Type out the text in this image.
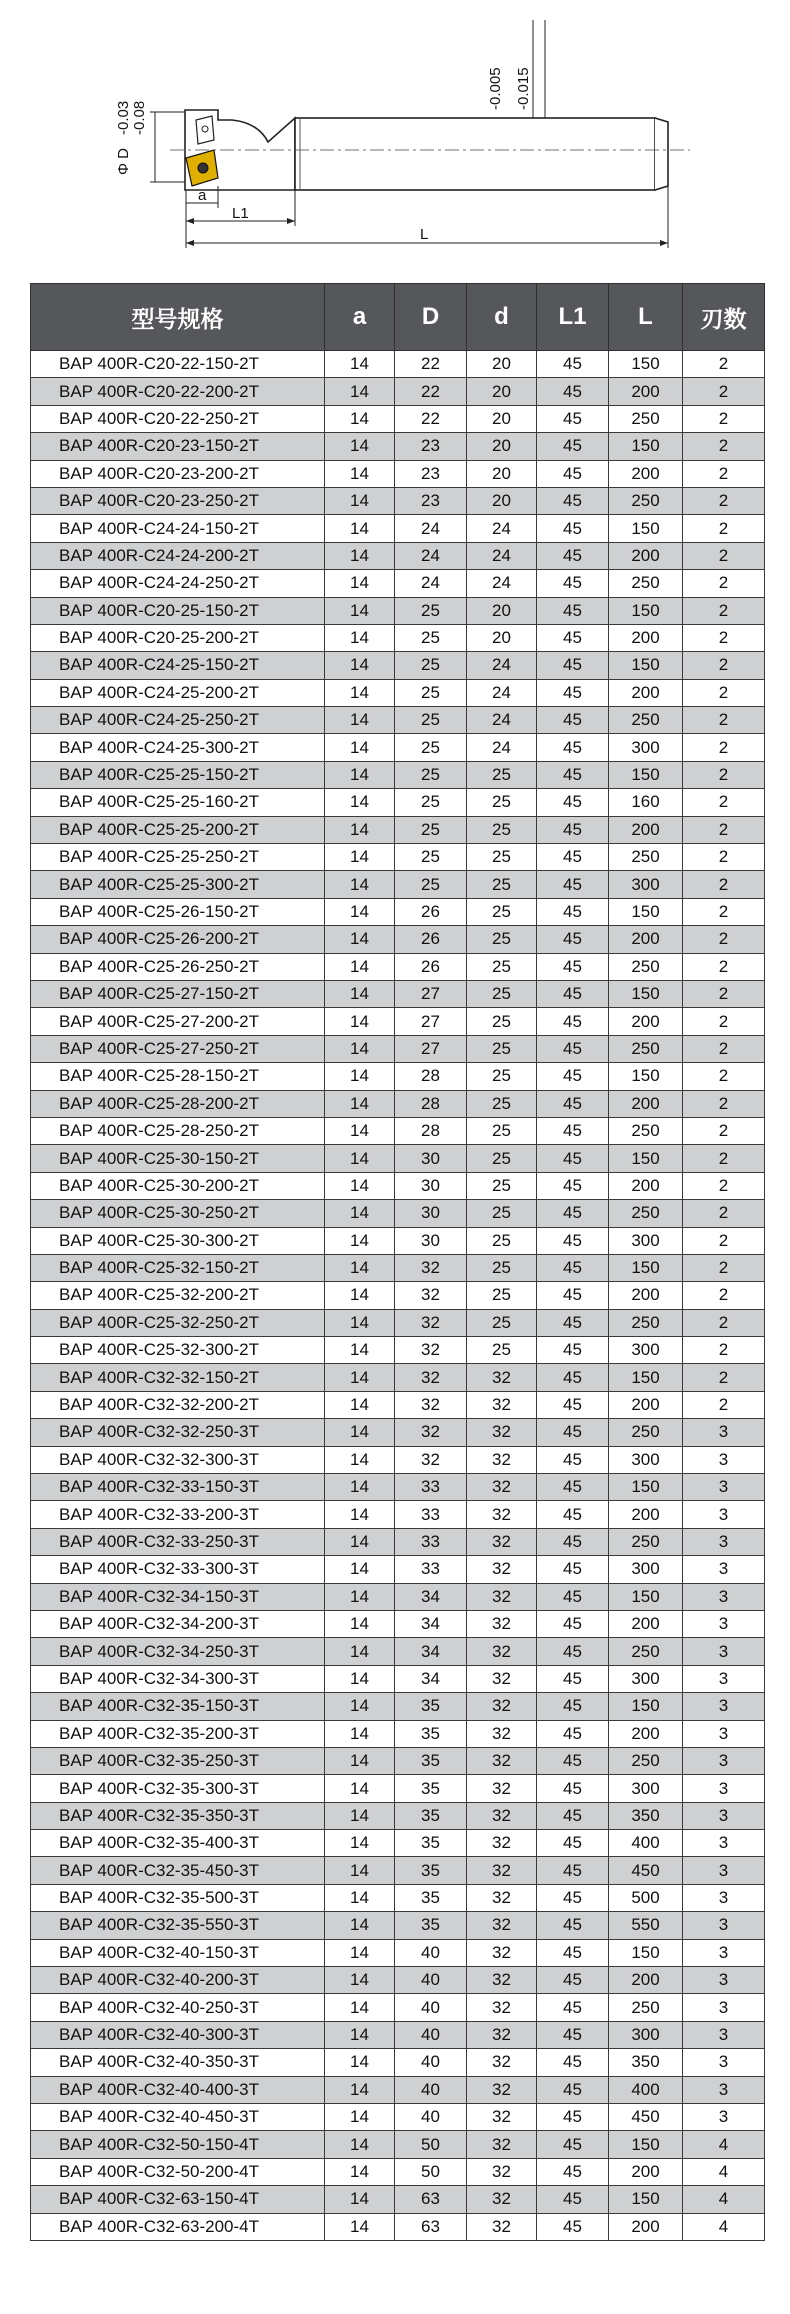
Φ D
-0.03 -0.08
-0.005 -0.015
a
L1
L
型号规格	a	D	d	L1	L	刃数
BAP 400R-C20-22-150-2T	14	22	20	45	150	2
BAP 400R-C20-22-200-2T	14	22	20	45	200	2
BAP 400R-C20-22-250-2T	14	22	20	45	250	2
BAP 400R-C20-23-150-2T	14	23	20	45	150	2
BAP 400R-C20-23-200-2T	14	23	20	45	200	2
BAP 400R-C20-23-250-2T	14	23	20	45	250	2
BAP 400R-C24-24-150-2T	14	24	24	45	150	2
BAP 400R-C24-24-200-2T	14	24	24	45	200	2
BAP 400R-C24-24-250-2T	14	24	24	45	250	2
BAP 400R-C20-25-150-2T	14	25	20	45	150	2
BAP 400R-C20-25-200-2T	14	25	20	45	200	2
BAP 400R-C24-25-150-2T	14	25	24	45	150	2
BAP 400R-C24-25-200-2T	14	25	24	45	200	2
BAP 400R-C24-25-250-2T	14	25	24	45	250	2
BAP 400R-C24-25-300-2T	14	25	24	45	300	2
BAP 400R-C25-25-150-2T	14	25	25	45	150	2
BAP 400R-C25-25-160-2T	14	25	25	45	160	2
BAP 400R-C25-25-200-2T	14	25	25	45	200	2
BAP 400R-C25-25-250-2T	14	25	25	45	250	2
BAP 400R-C25-25-300-2T	14	25	25	45	300	2
BAP 400R-C25-26-150-2T	14	26	25	45	150	2
BAP 400R-C25-26-200-2T	14	26	25	45	200	2
BAP 400R-C25-26-250-2T	14	26	25	45	250	2
BAP 400R-C25-27-150-2T	14	27	25	45	150	2
BAP 400R-C25-27-200-2T	14	27	25	45	200	2
BAP 400R-C25-27-250-2T	14	27	25	45	250	2
BAP 400R-C25-28-150-2T	14	28	25	45	150	2
BAP 400R-C25-28-200-2T	14	28	25	45	200	2
BAP 400R-C25-28-250-2T	14	28	25	45	250	2
BAP 400R-C25-30-150-2T	14	30	25	45	150	2
BAP 400R-C25-30-200-2T	14	30	25	45	200	2
BAP 400R-C25-30-250-2T	14	30	25	45	250	2
BAP 400R-C25-30-300-2T	14	30	25	45	300	2
BAP 400R-C25-32-150-2T	14	32	25	45	150	2
BAP 400R-C25-32-200-2T	14	32	25	45	200	2
BAP 400R-C25-32-250-2T	14	32	25	45	250	2
BAP 400R-C25-32-300-2T	14	32	25	45	300	2
BAP 400R-C32-32-150-2T	14	32	32	45	150	2
BAP 400R-C32-32-200-2T	14	32	32	45	200	2
BAP 400R-C32-32-250-3T	14	32	32	45	250	3
BAP 400R-C32-32-300-3T	14	32	32	45	300	3
BAP 400R-C32-33-150-3T	14	33	32	45	150	3
BAP 400R-C32-33-200-3T	14	33	32	45	200	3
BAP 400R-C32-33-250-3T	14	33	32	45	250	3
BAP 400R-C32-33-300-3T	14	33	32	45	300	3
BAP 400R-C32-34-150-3T	14	34	32	45	150	3
BAP 400R-C32-34-200-3T	14	34	32	45	200	3
BAP 400R-C32-34-250-3T	14	34	32	45	250	3
BAP 400R-C32-34-300-3T	14	34	32	45	300	3
BAP 400R-C32-35-150-3T	14	35	32	45	150	3
BAP 400R-C32-35-200-3T	14	35	32	45	200	3
BAP 400R-C32-35-250-3T	14	35	32	45	250	3
BAP 400R-C32-35-300-3T	14	35	32	45	300	3
BAP 400R-C32-35-350-3T	14	35	32	45	350	3
BAP 400R-C32-35-400-3T	14	35	32	45	400	3
BAP 400R-C32-35-450-3T	14	35	32	45	450	3
BAP 400R-C32-35-500-3T	14	35	32	45	500	3
BAP 400R-C32-35-550-3T	14	35	32	45	550	3
BAP 400R-C32-40-150-3T	14	40	32	45	150	3
BAP 400R-C32-40-200-3T	14	40	32	45	200	3
BAP 400R-C32-40-250-3T	14	40	32	45	250	3
BAP 400R-C32-40-300-3T	14	40	32	45	300	3
BAP 400R-C32-40-350-3T	14	40	32	45	350	3
BAP 400R-C32-40-400-3T	14	40	32	45	400	3
BAP 400R-C32-40-450-3T	14	40	32	45	450	3
BAP 400R-C32-50-150-4T	14	50	32	45	150	4
BAP 400R-C32-50-200-4T	14	50	32	45	200	4
BAP 400R-C32-63-150-4T	14	63	32	45	150	4
BAP 400R-C32-63-200-4T	14	63	32	45	200	4
